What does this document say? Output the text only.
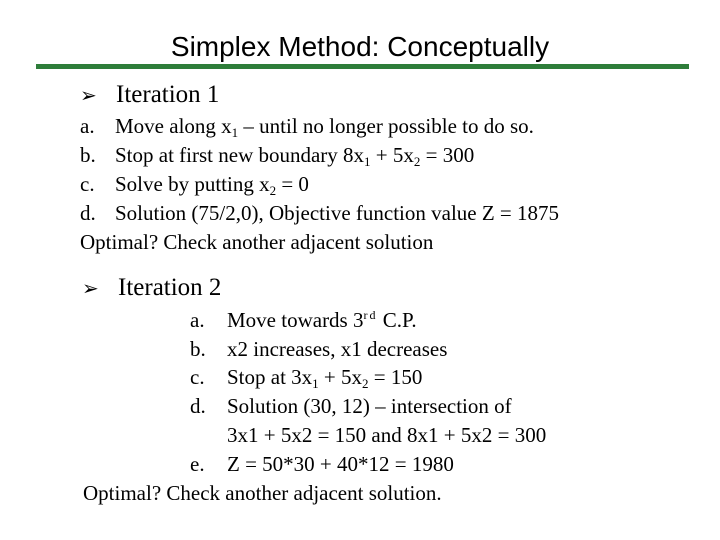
Simplex Method: Conceptually
➢ Iteration 1
a. Move along $x_1$ – until no longer possible to do so.
b. Stop at first new boundary $8x_1 + 5x_2 = 300$
c. Solve by putting $x_2 = 0$
d. Solution (75/2,0), Objective function value Z = 1875
Optimal? Check another adjacent solution
➢ Iteration 2
a. Move towards 3rd C.P.
b. x2 increases, x1 decreases
c. Stop at $3x_1 + 5x_2 = 150$
d. Solution (30, 12) – intersection of
3x1 + 5x2 = 150 and 8x1 + 5x2 = 300
e. Z = 50*30 + 40*12 = 1980
Optimal? Check another adjacent solution.
